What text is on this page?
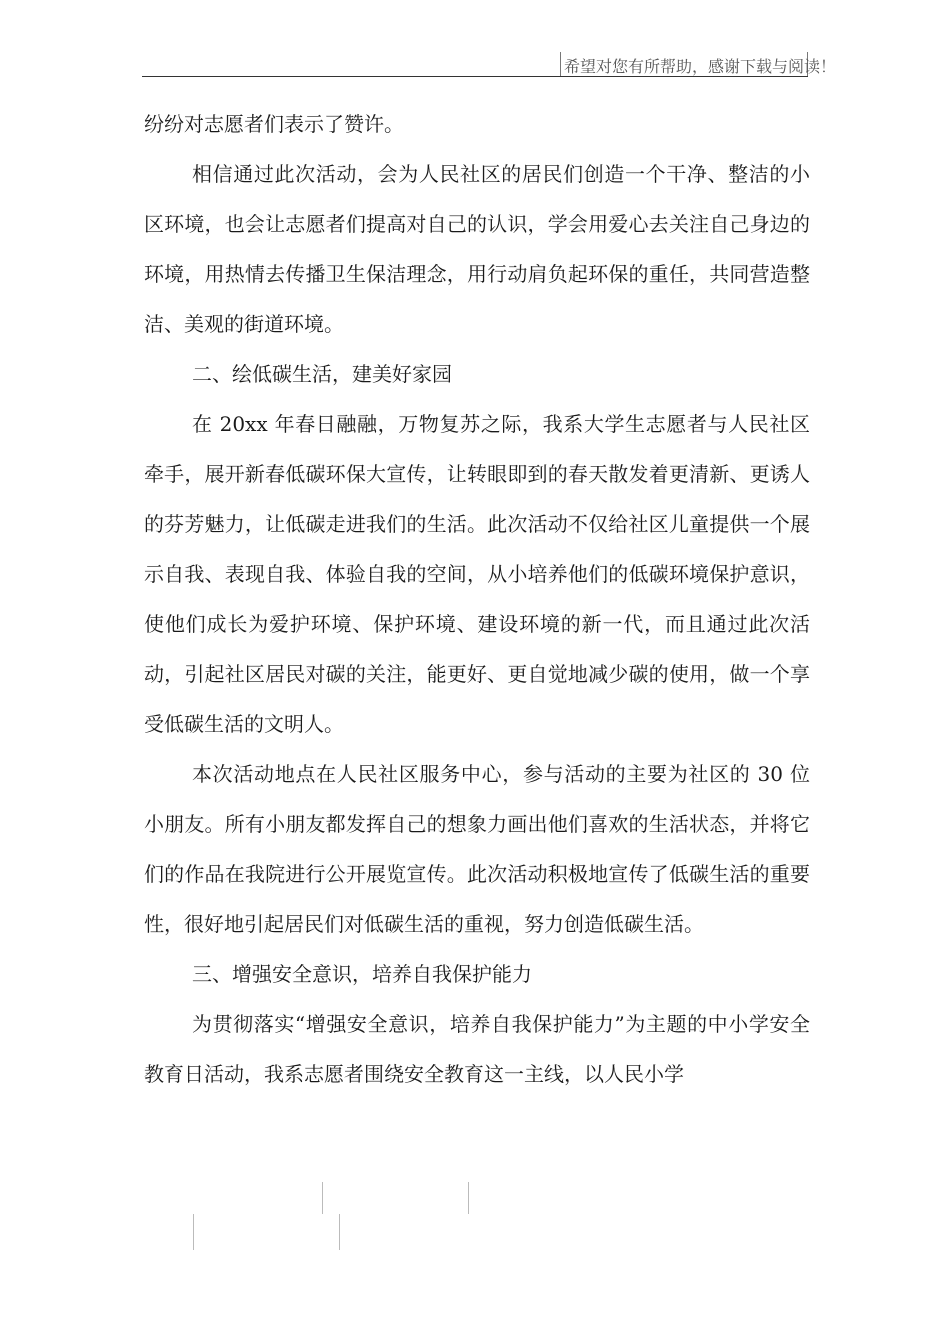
希望对您有所帮助，感谢下载与阅读！

纷纷对志愿者们表示了赞许。

相信通过此次活动，会为人民社区的居民们创造一个干净、整洁的小区环境，也会让志愿者们提高对自己的认识，学会用爱心去关注自己身边的环境，用热情去传播卫生保洁理念，用行动肩负起环保的重任，共同营造整洁、美观的街道环境。

二、绘低碳生活，建美好家园

在 20xx 年春日融融，万物复苏之际，我系大学生志愿者与人民社区牵手，展开新春低碳环保大宣传，让转眼即到的春天散发着更清新、更诱人的芬芳魅力，让低碳走进我们的生活。此次活动不仅给社区儿童提供一个展示自我、表现自我、体验自我的空间，从小培养他们的低碳环境保护意识，使他们成长为爱护环境、保护环境、建设环境的新一代，而且通过此次活动，引起社区居民对碳的关注，能更好、更自觉地减少碳的使用，做一个享受低碳生活的文明人。

本次活动地点在人民社区服务中心，参与活动的主要为社区的 30 位小朋友。所有小朋友都发挥自己的想象力画出他们喜欢的生活状态，并将它们的作品在我院进行公开展览宣传。此次活动积极地宣传了低碳生活的重要性，很好地引起居民们对低碳生活的重视，努力创造低碳生活。

三、增强安全意识，培养自我保护能力

为贯彻落实“增强安全意识，培养自我保护能力”为主题的中小学安全教育日活动，我系志愿者围绕安全教育这一主线，以人民小学
